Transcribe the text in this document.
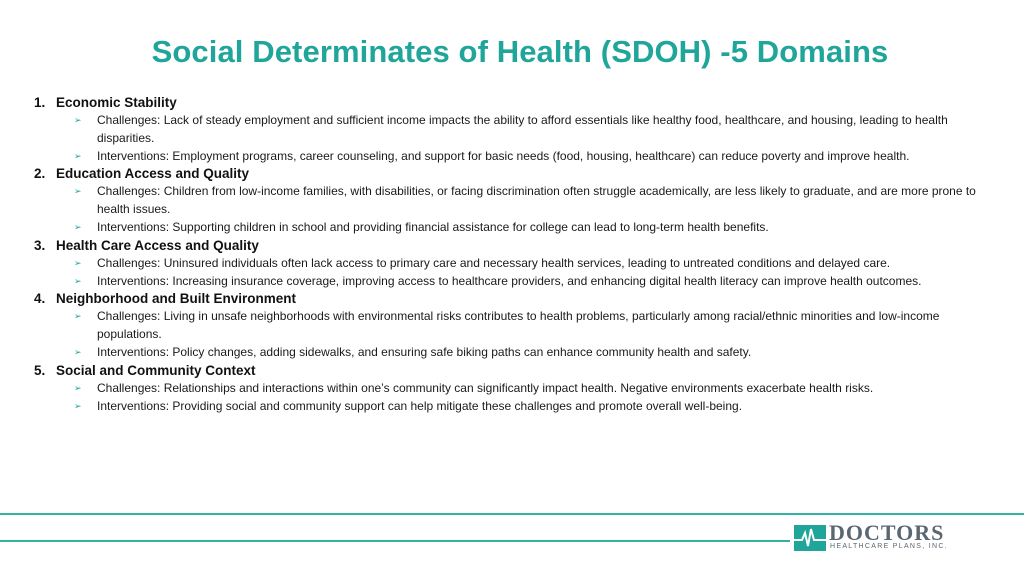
Social Determinates of Health (SDOH) -5 Domains
1. Economic Stability
➢ Challenges: Lack of steady employment and sufficient income impacts the ability to afford essentials like healthy food, healthcare, and housing, leading to health disparities.
➢ Interventions: Employment programs, career counseling, and support for basic needs (food, housing, healthcare) can reduce poverty and improve health.
2. Education Access and Quality
➢ Challenges: Children from low-income families, with disabilities, or facing discrimination often struggle academically, are less likely to graduate, and are more prone to health issues.
➢ Interventions: Supporting children in school and providing financial assistance for college can lead to long-term health benefits.
3. Health Care Access and Quality
➢ Challenges: Uninsured individuals often lack access to primary care and necessary health services, leading to untreated conditions and delayed care.
➢ Interventions: Increasing insurance coverage, improving access to healthcare providers, and enhancing digital health literacy can improve health outcomes.
4. Neighborhood and Built Environment
➢ Challenges: Living in unsafe neighborhoods with environmental risks contributes to health problems, particularly among racial/ethnic minorities and low-income populations.
➢ Interventions: Policy changes, adding sidewalks, and ensuring safe biking paths can enhance community health and safety.
5. Social and Community Context
➢ Challenges: Relationships and interactions within one’s community can significantly impact health. Negative environments exacerbate health risks.
➢ Interventions: Providing social and community support can help mitigate these challenges and promote overall well-being.
DOCTORS
HEALTHCARE PLANS, INC.
